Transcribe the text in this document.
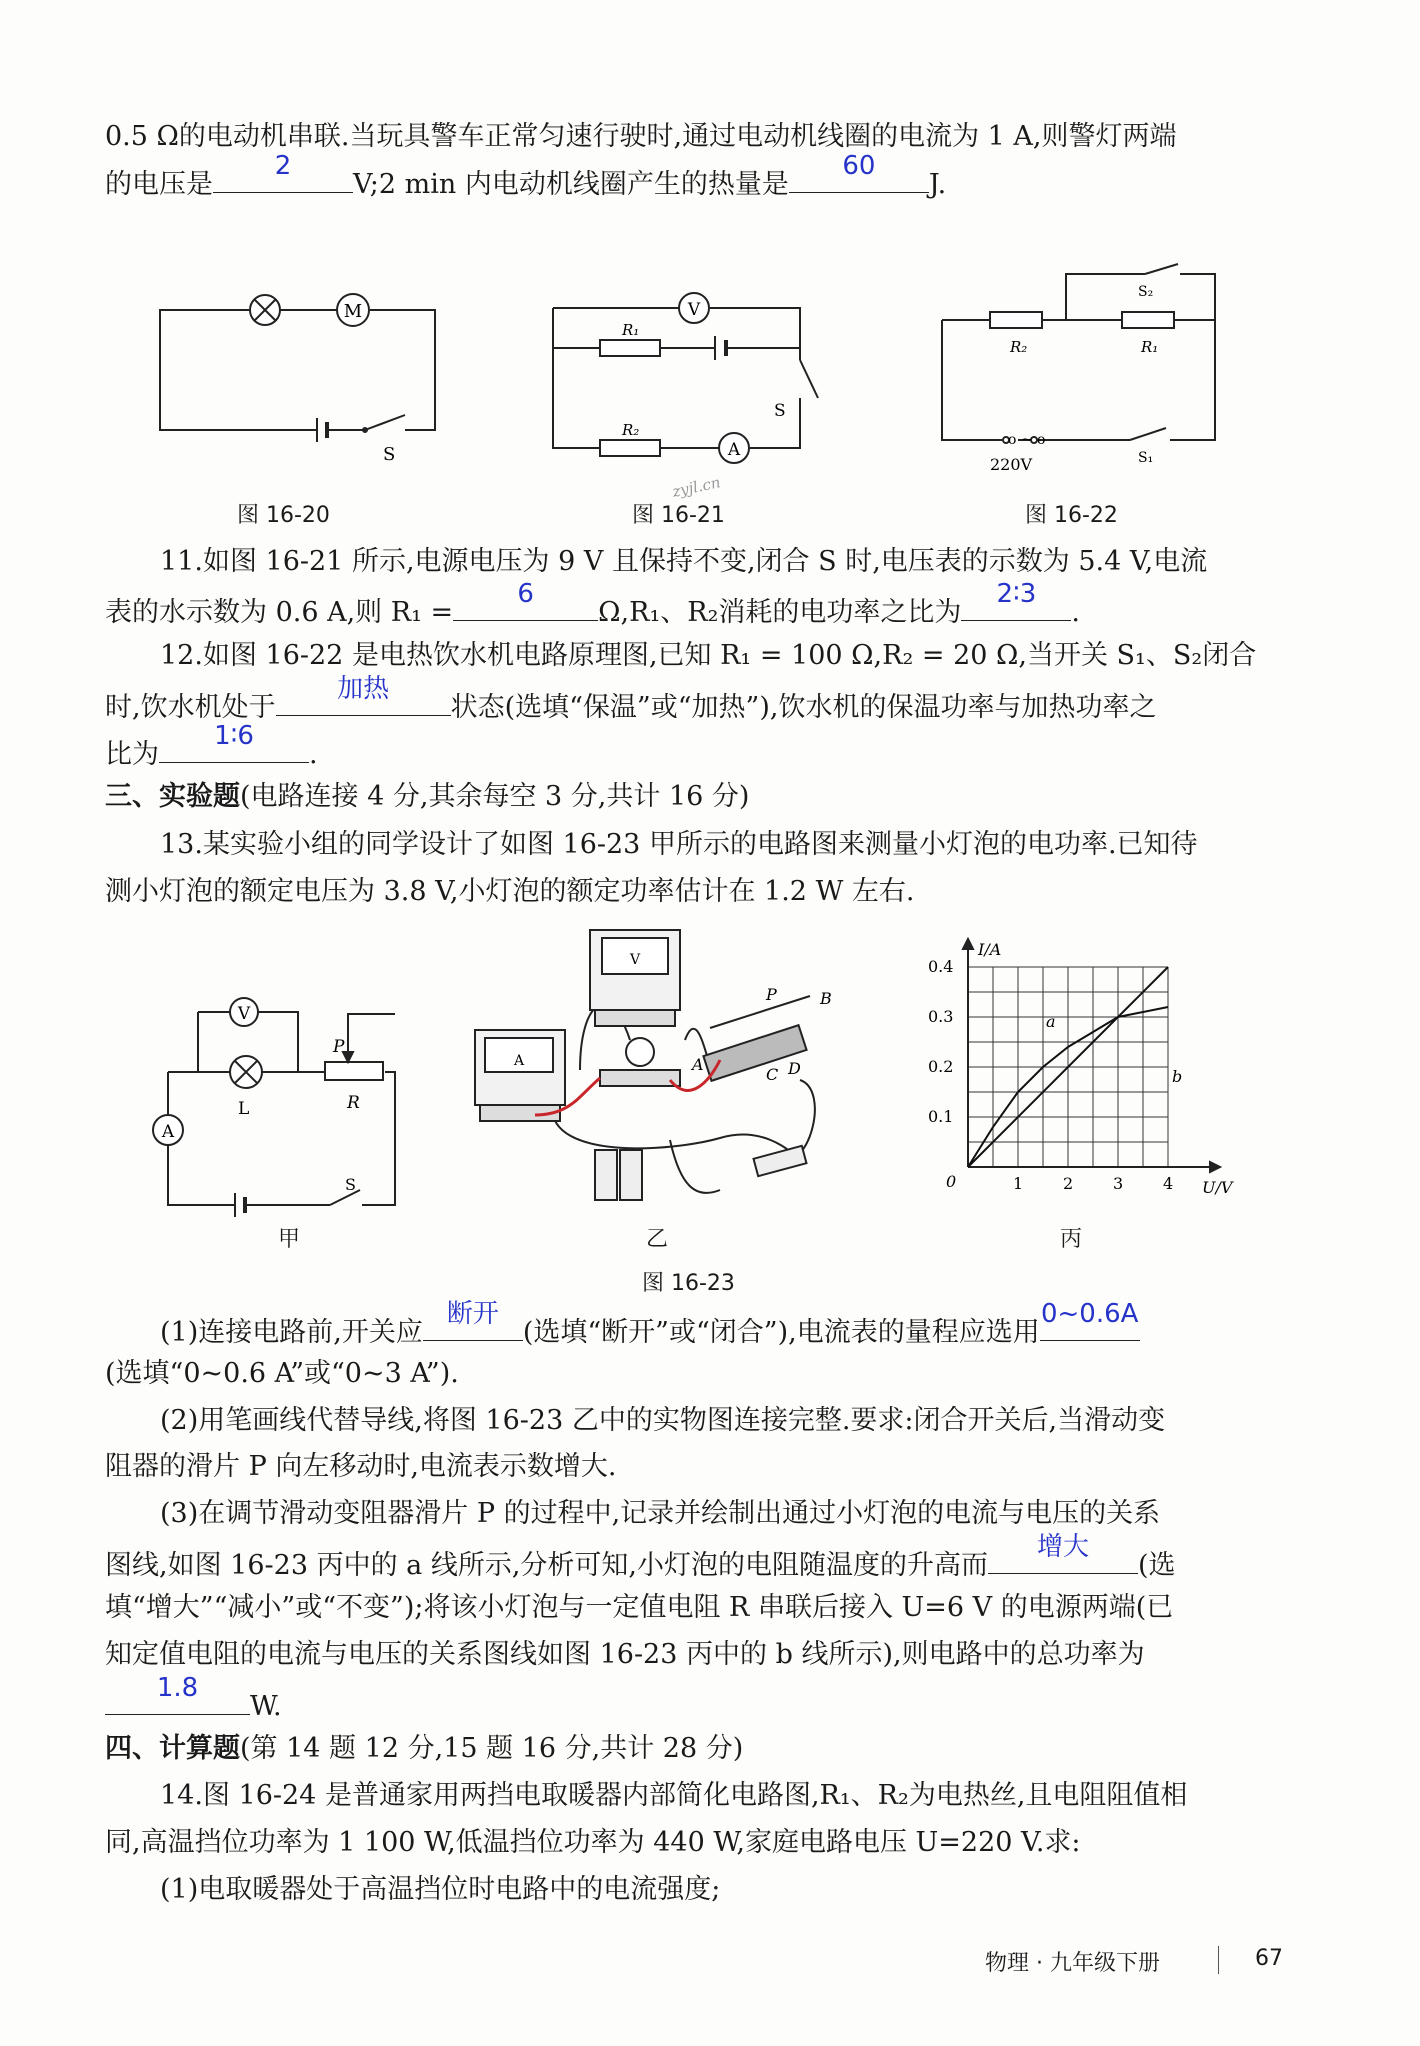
0.5 Ω的电动机串联.当玩具警车正常匀速行驶时,通过电动机线圈的电流为 1 A,则警灯两端
的电压是
2
V;2 min 内电动机线圈产生的热量是
60
J.
M
S
V
A
R₁
R₂
S
S₂
R₂	R₁
o ~ o
220V	S₁
图 16-20	图 16-21	图 16-22
zyjl.cn
11.如图 16-21 所示,电源电压为 9 V 且保持不变,闭合 S 时,电压表的示数为 5.4 V,电流
表的水示数为 0.6 A,则 R₁ =
6
Ω,R₁、R₂消耗的电功率之比为
2∶3
.
12.如图 16-22 是电热饮水机电路原理图,已知 R₁ = 100 Ω,R₂ = 20 Ω,当开关 S₁、S₂闭合
时,饮水机处于
加热
状态(选填“保温”或“加热”),饮水机的保温功率与加热功率之
比为
1∶6
.
三、实验题(电路连接 4 分,其余每空 3 分,共计 16 分)
13.某实验小组的同学设计了如图 16-23 甲所示的电路图来测量小灯泡的电功率.已知待
测小灯泡的额定电压为 3.8 V,小灯泡的额定功率估计在 1.2 W 左右.
V
A
L	R
P
S
V
A
P	B
A
C D
1 2 3 4
0.1
0.2
0.3
0.4
a
b
I/A
U/V
0
甲	乙	丙
图 16-23
(1)连接电路前,开关应
断开
(选填“断开”或“闭合”),电流表的量程应选用
0~0.6A
(选填“0~0.6 A”或“0~3 A”).
(2)用笔画线代替导线,将图 16-23 乙中的实物图连接完整.要求:闭合开关后,当滑动变
阻器的滑片 P 向左移动时,电流表示数增大.
(3)在调节滑动变阻器滑片 P 的过程中,记录并绘制出通过小灯泡的电流与电压的关系
图线,如图 16-23 丙中的 a 线所示,分析可知,小灯泡的电阻随温度的升高而
增大
(选
填“增大”“减小”或“不变”);将该小灯泡与一定值电阻 R 串联后接入 U=6 V 的电源两端(已
知定值电阻的电流与电压的关系图线如图 16-23 丙中的 b 线所示),则电路中的总功率为
1.8
W.
四、计算题(第 14 题 12 分,15 题 16 分,共计 28 分)
14.图 16-24 是普通家用两挡电取暖器内部简化电路图,R₁、R₂为电热丝,且电阻阻值相
同,高温挡位功率为 1 100 W,低温挡位功率为 440 W,家庭电路电压 U=220 V.求:
(1)电取暖器处于高温挡位时电路中的电流强度;
物理 · 九年级下册	67
